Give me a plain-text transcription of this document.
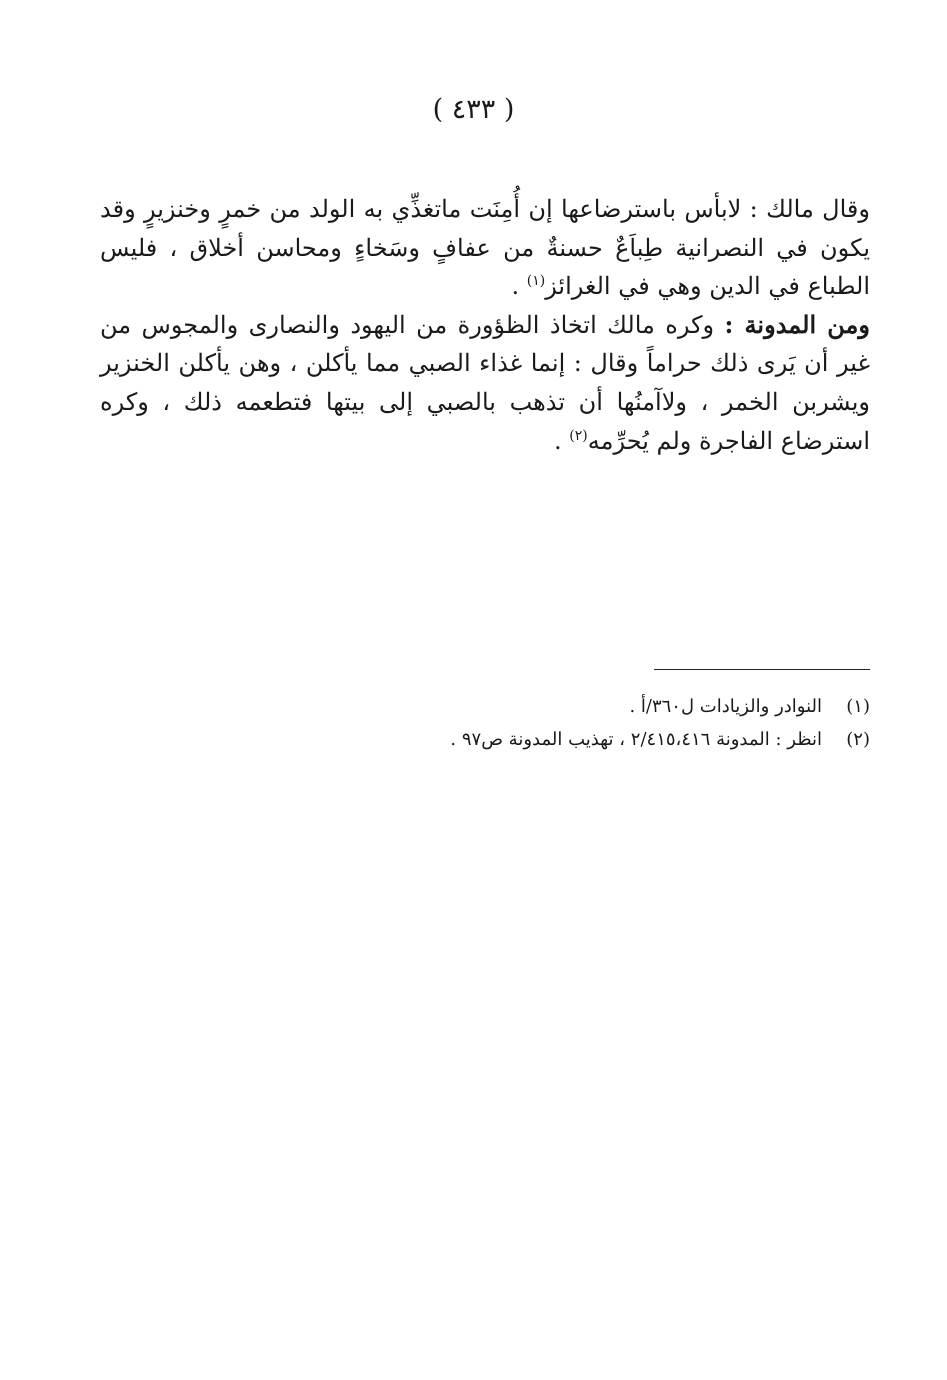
( ٤٣٣ )

وقال مالك : لابأس باسترضاعها إن أُمِنَت ماتغذِّي به الولد من خمرٍ وخنزيرٍ وقد يكون في النصرانية طِباَعٌ حسنةٌ من عفافٍ وسَخاءٍ ومحاسن أخلاق ، فليس الطباع في الدين وهي في الغرائز$^{(١)}$ .

ومن المدونة : وكره مالك اتخاذ الظؤورة من اليهود والنصارى والمجوس من غير أن يَرى ذلك حراماً وقال : إنما غذاء الصبي مما يأكلن ، وهن يأكلن الخنزير ويشربن الخمر ، ولاآمنُها أن تذهب بالصبي إلى بيتها فتطعمه ذلك ، وكره استرضاع الفاجرة ولم يُحرِّمه$^{(٢)}$ .

(١)
النوادر والزيادات ل٣٦٠/أ .
(٢)
انظر : المدونة ٢/٤١٥،٤١٦ ، تهذيب المدونة ص٩٧ .
